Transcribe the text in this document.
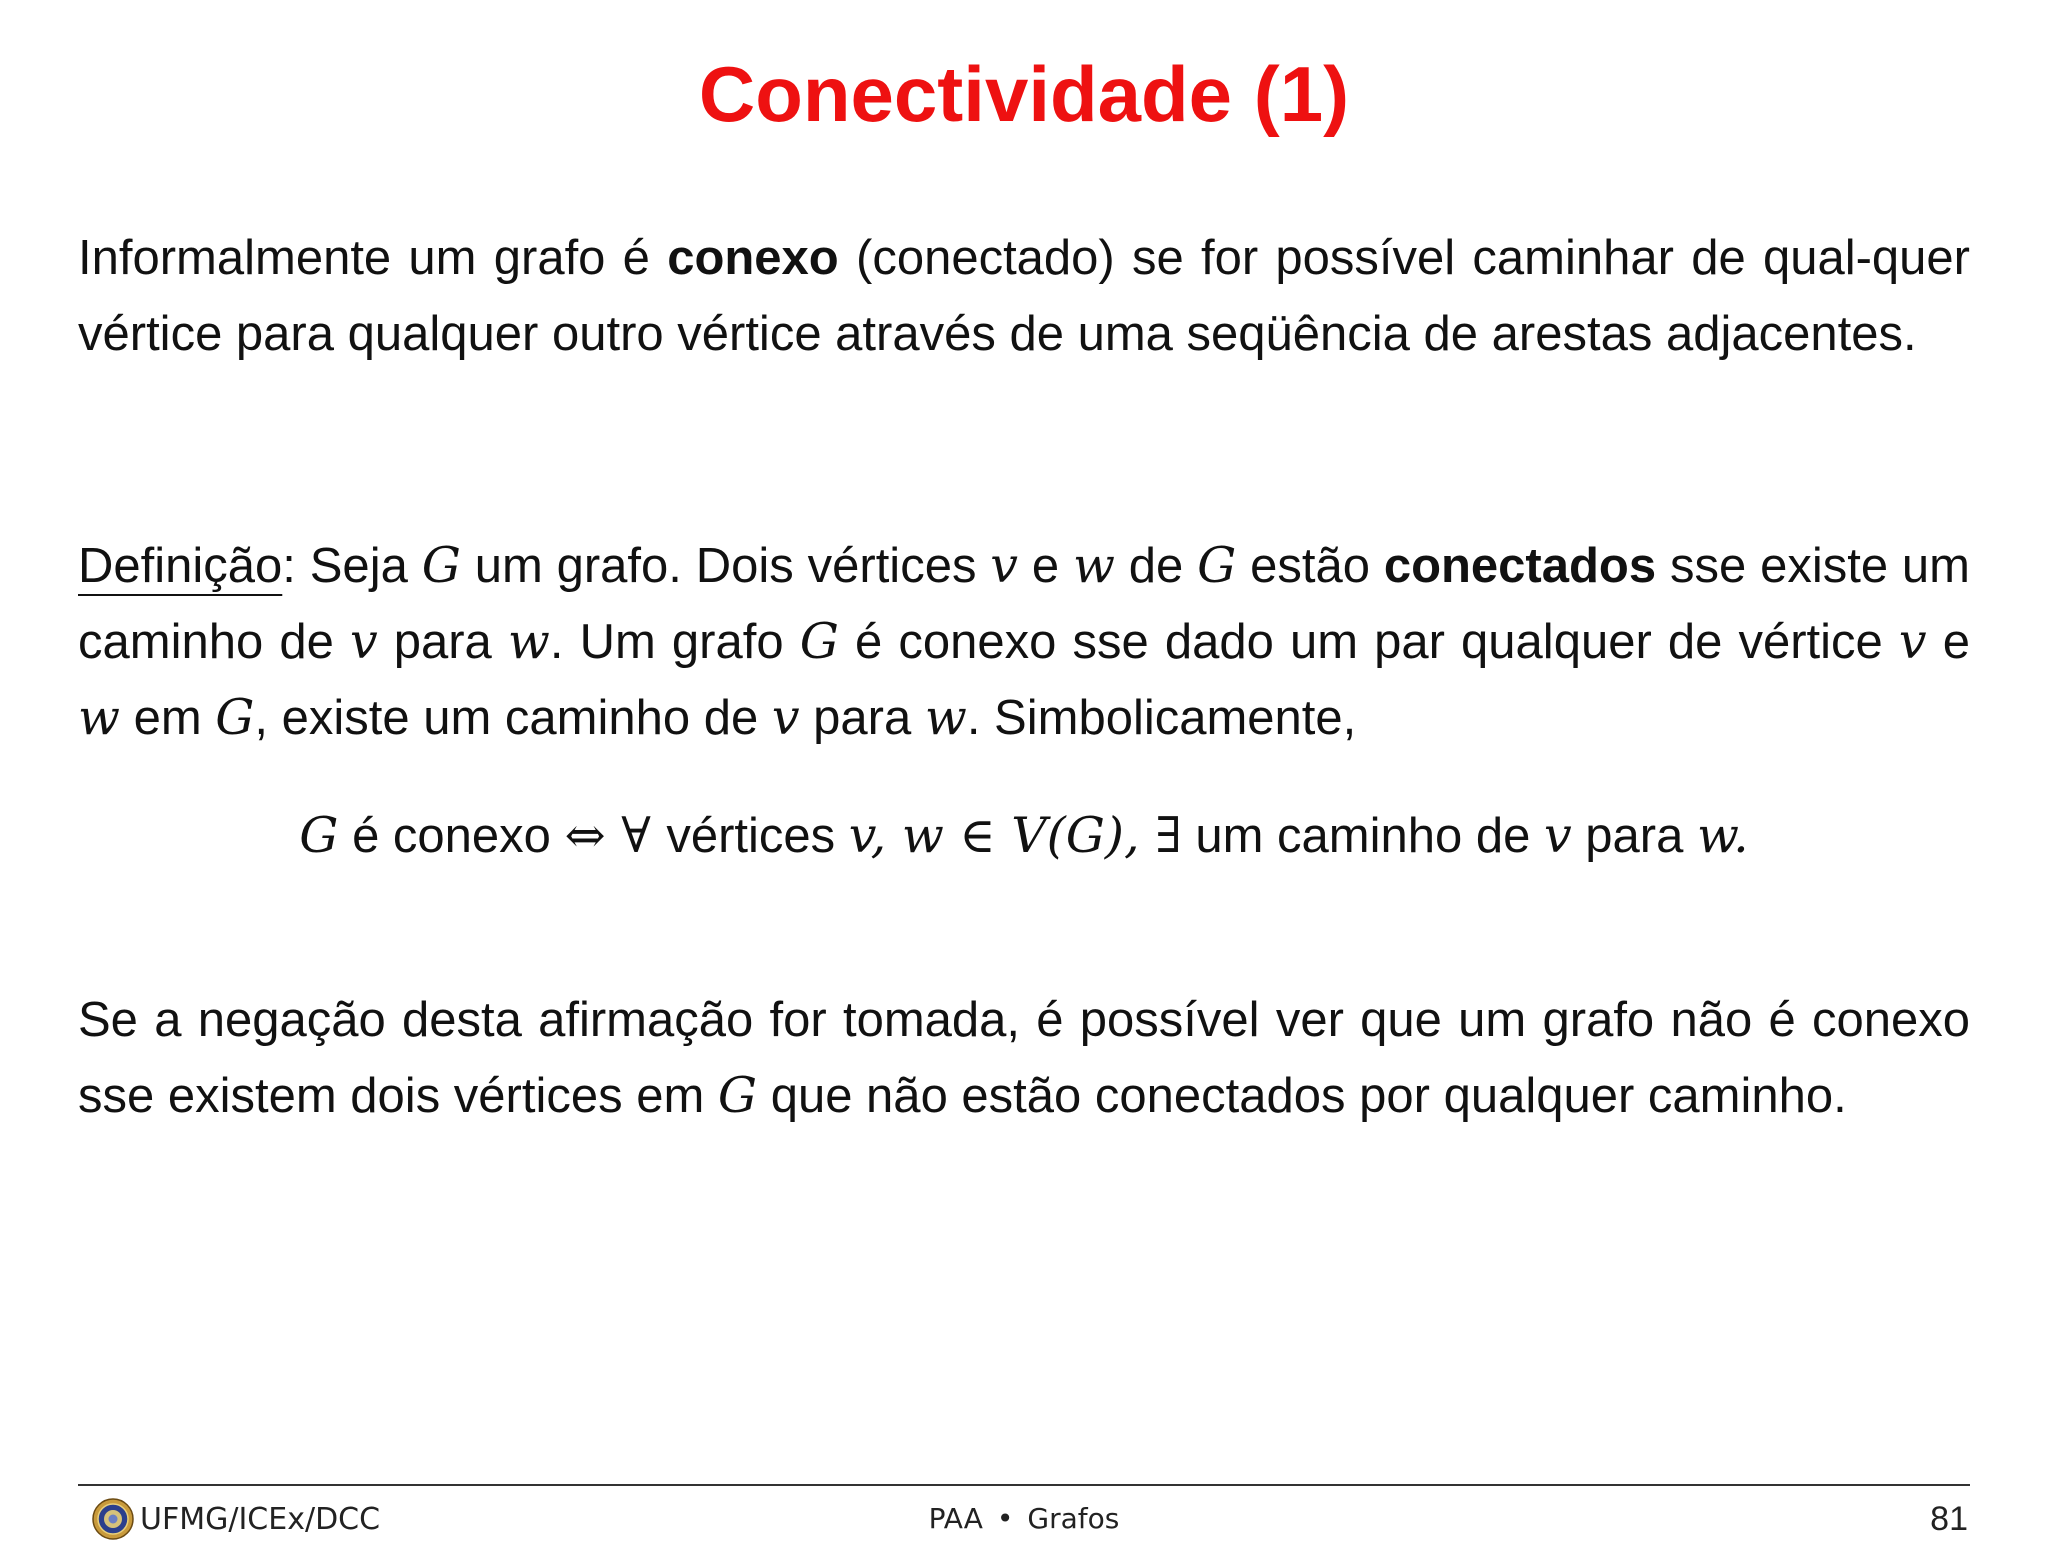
Conectividade (1)
Informalmente um grafo é conexo (conectado) se for possível caminhar de qual-quer vértice para qualquer outro vértice através de uma seqüência de arestas adjacentes.
Definição: Seja G um grafo. Dois vértices v e w de G estão conectados sse existe um caminho de v para w. Um grafo G é conexo sse dado um par qualquer de vértice v e w em G, existe um caminho de v para w. Simbolicamente,
G é conexo ⇔ ∀ vértices v, w ∈ V(G), ∃ um caminho de v para w.
Se a negação desta afirmação for tomada, é possível ver que um grafo não é conexo sse existem dois vértices em G que não estão conectados por qualquer caminho.
UFMG/ICEx/DCC	PAA • Grafos	81
